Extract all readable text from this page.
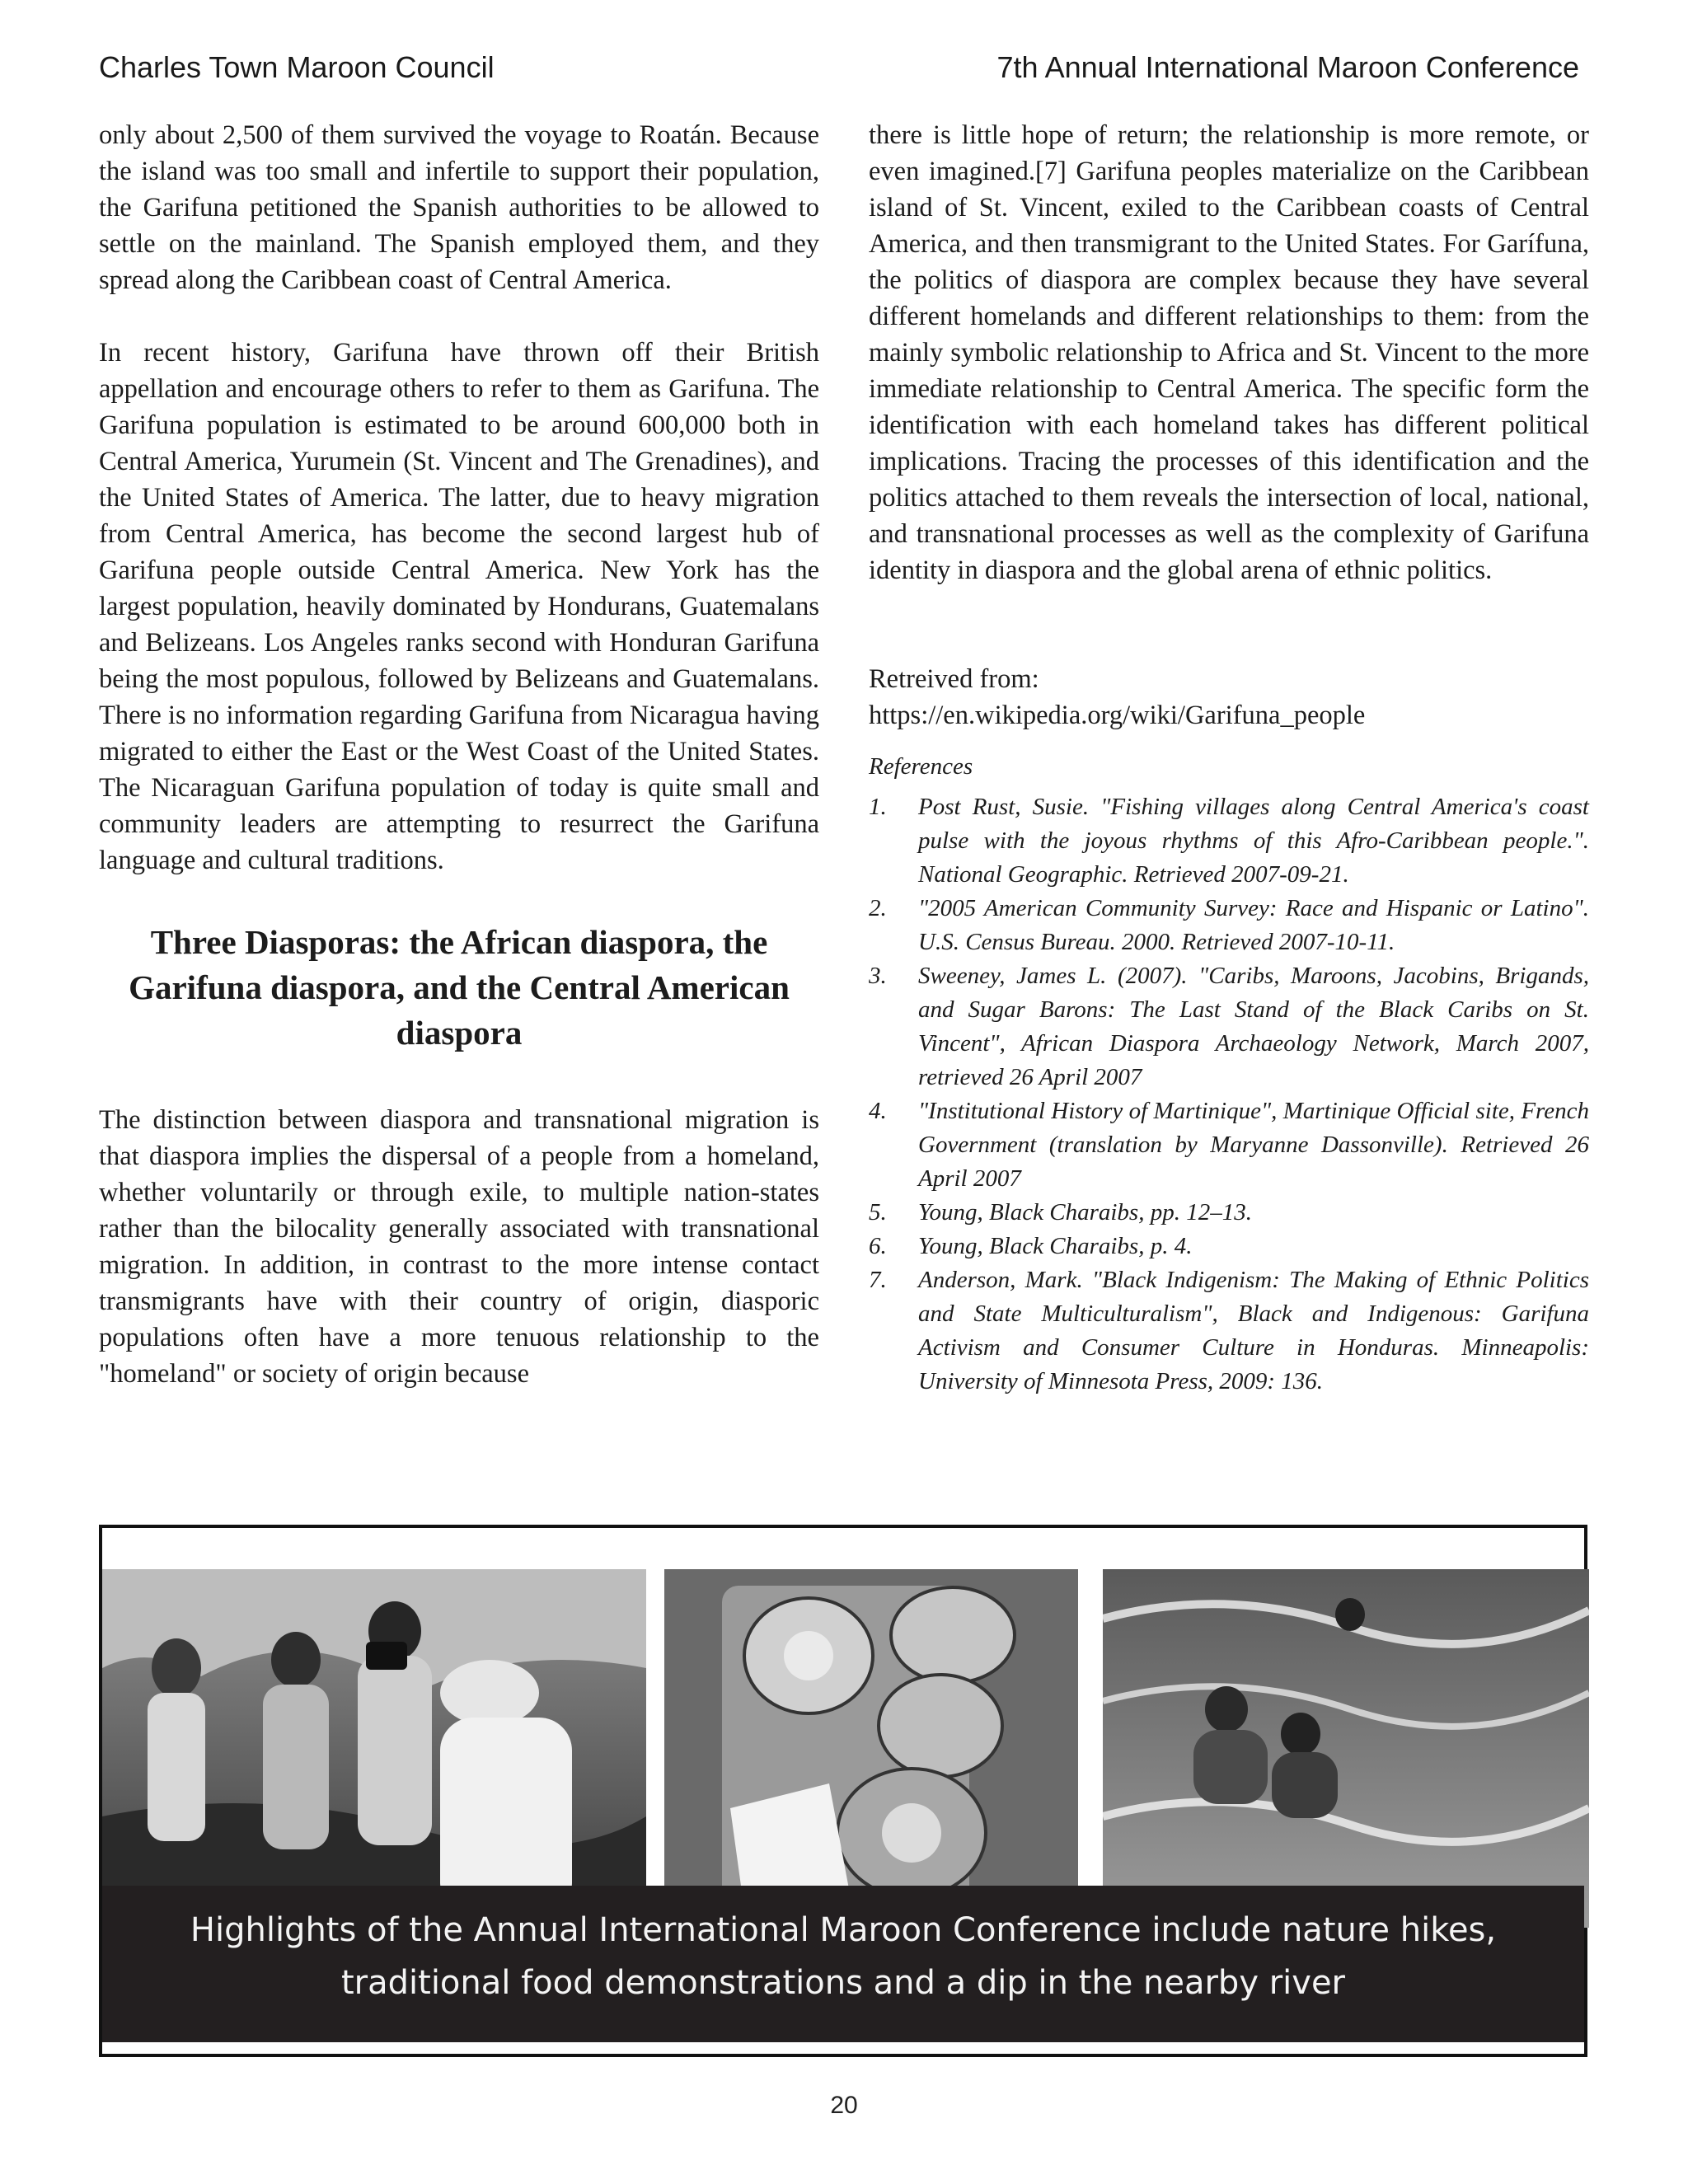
Charles Town Maroon Council	7th Annual International Maroon Conference

only about 2,500 of them survived the voyage to Roatán. Because the island was too small and infertile to support their population, the Garifuna petitioned the Spanish authorities to be allowed to settle on the mainland. The Spanish employed them, and they spread along the Caribbean coast of Central America.

In recent history, Garifuna have thrown off their British appellation and encourage others to refer to them as Garifuna. The Garifuna population is estimated to be around 600,000 both in Central America, Yurumein (St. Vincent and The Grenadines), and the United States of America. The latter, due to heavy migration from Central America, has become the second largest hub of Garifuna people outside Central America. New York has the largest population, heavily dominated by Hondurans, Guatemalans and Belizeans. Los Angeles ranks second with Honduran Garifuna being the most populous, followed by Belizeans and Guatemalans. There is no information regarding Garifuna from Nicaragua having migrated to either the East or the West Coast of the United States. The Nicaraguan Garifuna population of today is quite small and community leaders are attempting to resurrect the Garifuna language and cultural traditions.

Three Diasporas: the African diaspora, the Garifuna diaspora, and the Central American diaspora

The distinction between diaspora and transnational migration is that diaspora implies the dispersal of a people from a homeland, whether voluntarily or through exile, to multiple nation-states rather than the bilocality generally associated with transnational migration. In addition, in contrast to the more intense contact transmigrants have with their country of origin, diasporic populations often have a more tenuous relationship to the "homeland" or society of origin because

there is little hope of return; the relationship is more remote, or even imagined.[7] Garifuna peoples materialize on the Caribbean island of St. Vincent, exiled to the Caribbean coasts of Central America, and then transmigrant to the United States. For Garífuna, the politics of diaspora are complex because they have several different homelands and different relationships to them: from the mainly symbolic relationship to Africa and St. Vincent to the more immediate relationship to Central America. The specific form the identification with each homeland takes has different political implications. Tracing the processes of this identification and the politics attached to them reveals the intersection of local, national, and transnational processes as well as the complexity of Garifuna identity in diaspora and the global arena of ethnic politics.

Retreived from:

https://en.wikipedia.org/wiki/Garifuna_people

References

1.	Post Rust, Susie. "Fishing villages along Central America's coast pulse with the joyous rhythms of this Afro-Caribbean people.". National Geographic. Retrieved 2007-09-21.
2.	"2005 American Community Survey: Race and Hispanic or Latino". U.S. Census Bureau. 2000. Retrieved 2007-10-11.
3.	Sweeney, James L. (2007). "Caribs, Maroons, Jacobins, Brigands, and Sugar Barons: The Last Stand of the Black Caribs on St. Vincent", African Diaspora Archaeology Network, March 2007, retrieved 26 April 2007
4.	"Institutional History of Martinique", Martinique Official site, French Government (translation by Maryanne Dassonville). Retrieved 26 April 2007
5.	Young, Black Charaibs, pp. 12–13.
6.	Young, Black Charaibs, p. 4.
7.	Anderson, Mark. "Black Indigenism: The Making of Ethnic Politics and State Multiculturalism", Black and Indigenous: Garifuna Activism and Consumer Culture in Honduras. Minneapolis: University of Minnesota Press, 2009: 136.
Highlights of the Annual International Maroon Conference include nature hikes,
traditional food demonstrations and a dip in the nearby river
20
